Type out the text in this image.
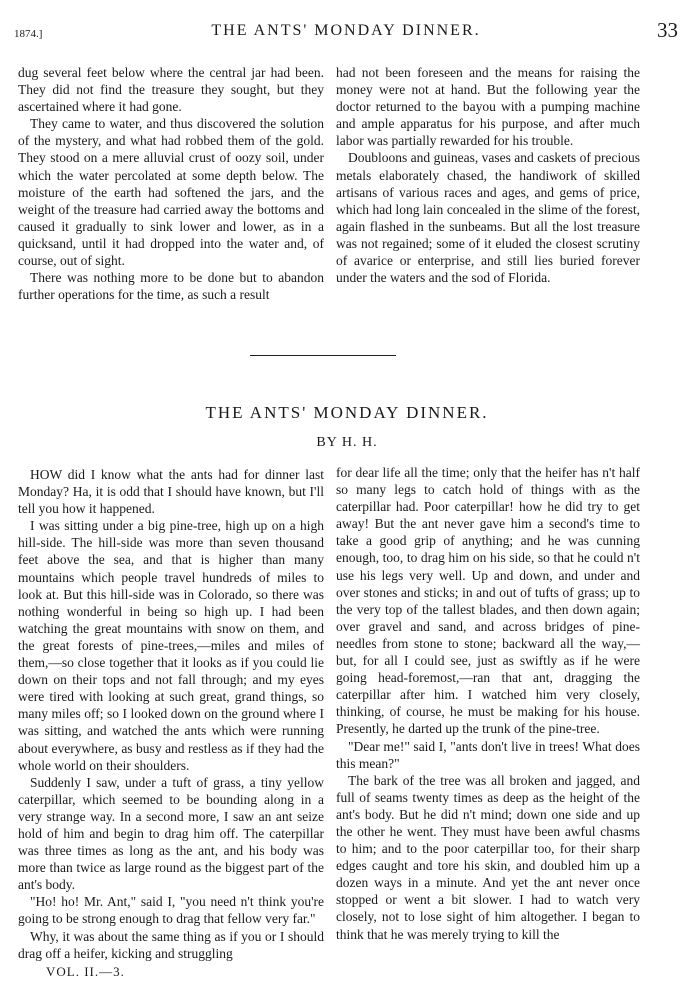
1874.]	THE ANTS' MONDAY DINNER.	33

dug several feet below where the central jar had been. They did not find the treasure they sought, but they ascertained where it had gone.

They came to water, and thus discovered the solution of the mystery, and what had robbed them of the gold. They stood on a mere alluvial crust of oozy soil, under which the water percolated at some depth below. The moisture of the earth had softened the jars, and the weight of the treasure had carried away the bottoms and caused it gradually to sink lower and lower, as in a quicksand, until it had dropped into the water and, of course, out of sight.

There was nothing more to be done but to abandon further operations for the time, as such a result

had not been foreseen and the means for raising the money were not at hand. But the following year the doctor returned to the bayou with a pumping machine and ample apparatus for his purpose, and after much labor was partially rewarded for his trouble.

Doubloons and guineas, vases and caskets of precious metals elaborately chased, the handiwork of skilled artisans of various races and ages, and gems of price, which had long lain concealed in the slime of the forest, again flashed in the sunbeams. But all the lost treasure was not regained; some of it eluded the closest scrutiny of avarice or enterprise, and still lies buried forever under the waters and the sod of Florida.

THE ANTS' MONDAY DINNER.
BY H. H.

HOW did I know what the ants had for dinner last Monday? Ha, it is odd that I should have known, but I'll tell you how it happened.

I was sitting under a big pine-tree, high up on a high hill-side. The hill-side was more than seven thousand feet above the sea, and that is higher than many mountains which people travel hundreds of miles to look at. But this hill-side was in Colorado, so there was nothing wonderful in being so high up. I had been watching the great mountains with snow on them, and the great forests of pine-trees,—miles and miles of them,—so close together that it looks as if you could lie down on their tops and not fall through; and my eyes were tired with looking at such great, grand things, so many miles off; so I looked down on the ground where I was sitting, and watched the ants which were running about everywhere, as busy and restless as if they had the whole world on their shoulders.

Suddenly I saw, under a tuft of grass, a tiny yellow caterpillar, which seemed to be bounding along in a very strange way. In a second more, I saw an ant seize hold of him and begin to drag him off. The caterpillar was three times as long as the ant, and his body was more than twice as large round as the biggest part of the ant's body.

"Ho! ho! Mr. Ant," said I, "you need n't think you're going to be strong enough to drag that fellow very far."

Why, it was about the same thing as if you or I should drag off a heifer, kicking and struggling

for dear life all the time; only that the heifer has n't half so many legs to catch hold of things with as the caterpillar had. Poor caterpillar! how he did try to get away! But the ant never gave him a second's time to take a good grip of anything; and he was cunning enough, too, to drag him on his side, so that he could n't use his legs very well. Up and down, and under and over stones and sticks; in and out of tufts of grass; up to the very top of the tallest blades, and then down again; over gravel and sand, and across bridges of pine-needles from stone to stone; backward all the way,—but, for all I could see, just as swiftly as if he were going head-foremost,—ran that ant, dragging the caterpillar after him. I watched him very closely, thinking, of course, he must be making for his house. Presently, he darted up the trunk of the pine-tree.

"Dear me!" said I, "ants don't live in trees! What does this mean?"

The bark of the tree was all broken and jagged, and full of seams twenty times as deep as the height of the ant's body. But he did n't mind; down one side and up the other he went. They must have been awful chasms to him; and to the poor caterpillar too, for their sharp edges caught and tore his skin, and doubled him up a dozen ways in a minute. And yet the ant never once stopped or went a bit slower. I had to watch very closely, not to lose sight of him altogether. I began to think that he was merely trying to kill the

VOL. II.—3.
